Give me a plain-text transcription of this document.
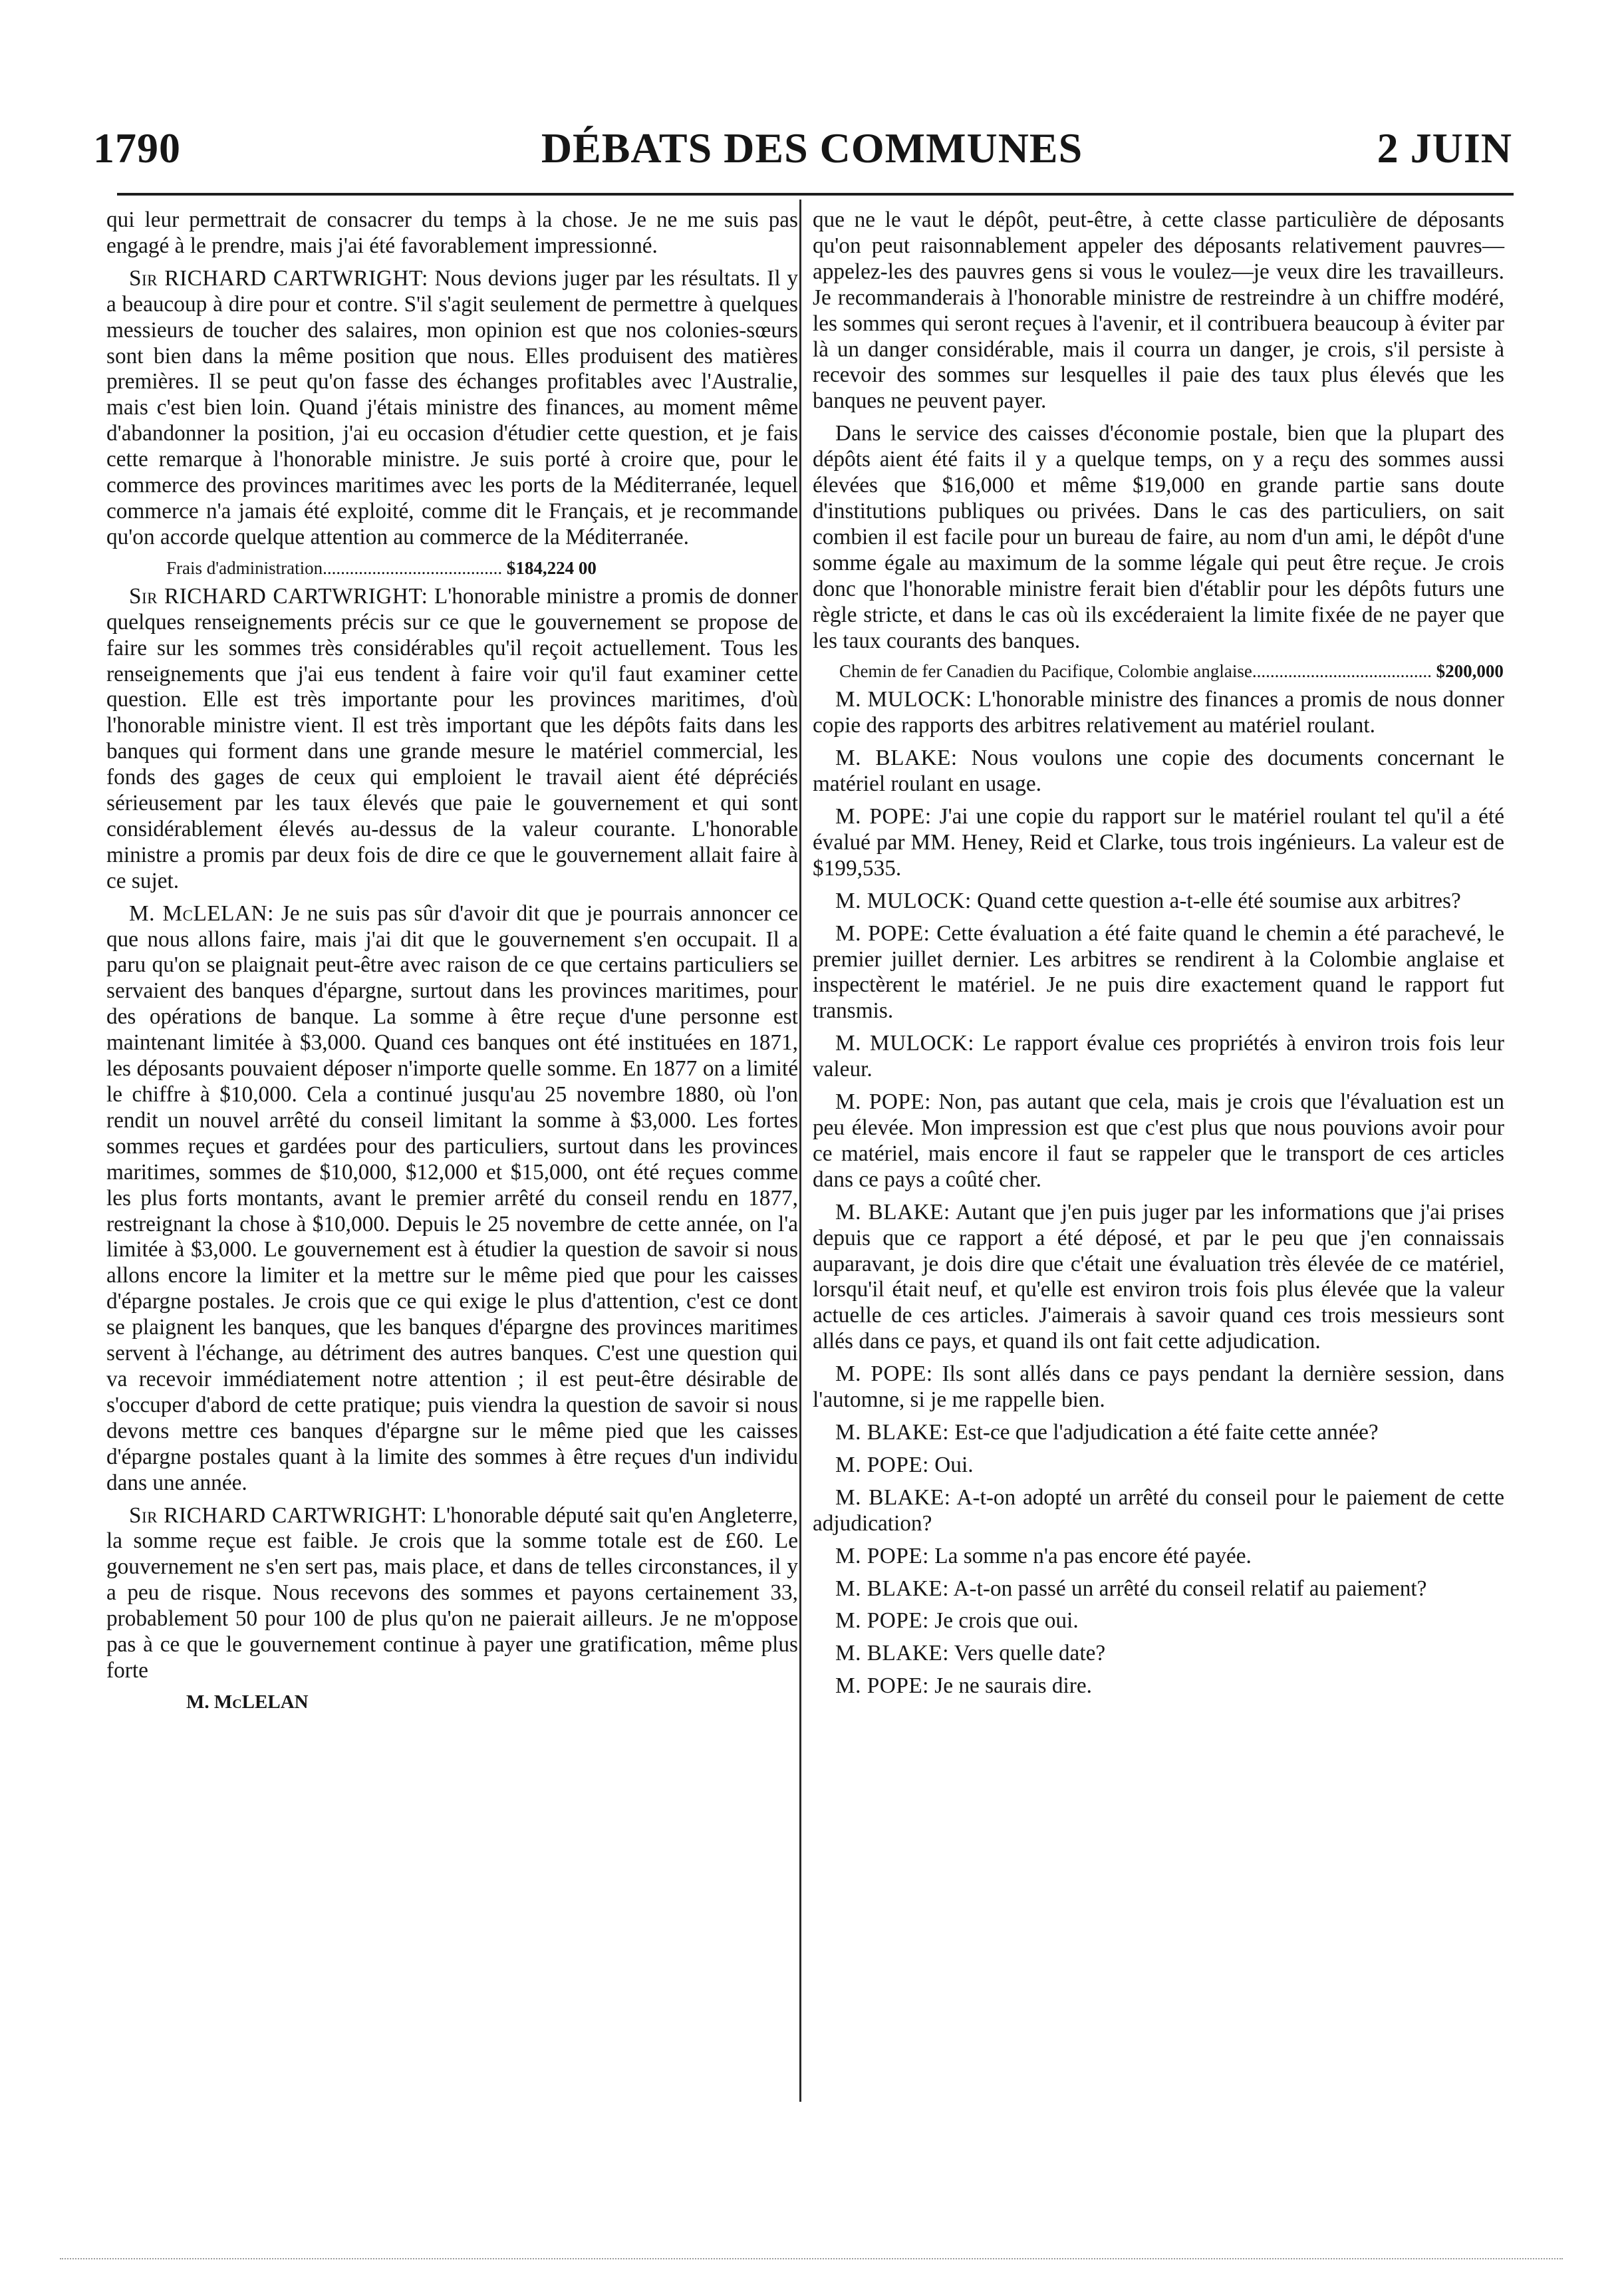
1790	DÉBATS DES COMMUNES	2 JUIN

qui leur permettrait de consacrer du temps à la chose. Je ne me suis pas engagé à le prendre, mais j'ai été favorablement impressionné.

Sir RICHARD CARTWRIGHT: Nous devions juger par les résultats. Il y a beaucoup à dire pour et contre. S'il s'agit seulement de permettre à quelques messieurs de toucher des salaires, mon opinion est que nos colonies-sœurs sont bien dans la même position que nous. Elles produisent des matières premières. Il se peut qu'on fasse des échanges profitables avec l'Australie, mais c'est bien loin. Quand j'étais ministre des finances, au moment même d'abandonner la position, j'ai eu occasion d'étudier cette question, et je fais cette remarque à l'honorable ministre. Je suis porté à croire que, pour le commerce des provinces maritimes avec les ports de la Méditerranée, lequel commerce n'a jamais été exploité, comme dit le Français, et je recommande qu'on accorde quelque attention au commerce de la Méditerranée.

Frais d'administration........................................ $184,224 00

Sir RICHARD CARTWRIGHT: L'honorable ministre a promis de donner quelques renseignements précis sur ce que le gouvernement se propose de faire sur les sommes très considérables qu'il reçoit actuellement. Tous les renseignements que j'ai eus tendent à faire voir qu'il faut examiner cette question. Elle est très importante pour les provinces maritimes, d'où l'honorable ministre vient. Il est très important que les dépôts faits dans les banques qui forment dans une grande mesure le matériel commercial, les fonds des gages de ceux qui emploient le travail aient été dépréciés sérieusement par les taux élevés que paie le gouvernement et qui sont considérablement élevés au-dessus de la valeur courante. L'honorable ministre a promis par deux fois de dire ce que le gouvernement allait faire à ce sujet.

M. McLELAN: Je ne suis pas sûr d'avoir dit que je pourrais annoncer ce que nous allons faire, mais j'ai dit que le gouvernement s'en occupait. Il a paru qu'on se plaignait peut-être avec raison de ce que certains particuliers se servaient des banques d'épargne, surtout dans les provinces maritimes, pour des opérations de banque. La somme à être reçue d'une personne est maintenant limitée à $3,000. Quand ces banques ont été instituées en 1871, les déposants pouvaient déposer n'importe quelle somme. En 1877 on a limité le chiffre à $10,000. Cela a continué jusqu'au 25 novembre 1880, où l'on rendit un nouvel arrêté du conseil limitant la somme à $3,000. Les fortes sommes reçues et gardées pour des particuliers, surtout dans les provinces maritimes, sommes de $10,000, $12,000 et $15,000, ont été reçues comme les plus forts montants, avant le premier arrêté du conseil rendu en 1877, restreignant la chose à $10,000. Depuis le 25 novembre de cette année, on l'a limitée à $3,000. Le gouvernement est à étudier la question de savoir si nous allons encore la limiter et la mettre sur le même pied que pour les caisses d'épargne postales. Je crois que ce qui exige le plus d'attention, c'est ce dont se plaignent les banques, que les banques d'épargne des provinces maritimes servent à l'échange, au détriment des autres banques. C'est une question qui va recevoir immédiatement notre attention ; il est peut-être désirable de s'occuper d'abord de cette pratique; puis viendra la question de savoir si nous devons mettre ces banques d'épargne sur le même pied que les caisses d'épargne postales quant à la limite des sommes à être reçues d'un individu dans une année.

Sir RICHARD CARTWRIGHT: L'honorable député sait qu'en Angleterre, la somme reçue est faible. Je crois que la somme totale est de £60. Le gouvernement ne s'en sert pas, mais place, et dans de telles circonstances, il y a peu de risque. Nous recevons des sommes et payons certainement 33, probablement 50 pour 100 de plus qu'on ne paierait ailleurs. Je ne m'oppose pas à ce que le gouvernement continue à payer une gratification, même plus forte

M. McLELAN

que ne le vaut le dépôt, peut-être, à cette classe particulière de déposants qu'on peut raisonnablement appeler des déposants relativement pauvres—appelez-les des pauvres gens si vous le voulez—je veux dire les travailleurs. Je recommanderais à l'honorable ministre de restreindre à un chiffre modéré, les sommes qui seront reçues à l'avenir, et il contribuera beaucoup à éviter par là un danger considérable, mais il courra un danger, je crois, s'il persiste à recevoir des sommes sur lesquelles il paie des taux plus élevés que les banques ne peuvent payer.

Dans le service des caisses d'économie postale, bien que la plupart des dépôts aient été faits il y a quelque temps, on y a reçu des sommes aussi élevées que $16,000 et même $19,000 en grande partie sans doute d'institutions publiques ou privées. Dans le cas des particuliers, on sait combien il est facile pour un bureau de faire, au nom d'un ami, le dépôt d'une somme égale au maximum de la somme légale qui peut être reçue. Je crois donc que l'honorable ministre ferait bien d'établir pour les dépôts futurs une règle stricte, et dans le cas où ils excéderaient la limite fixée de ne payer que les taux courants des banques.

Chemin de fer Canadien du Pacifique, Colombie anglaise........................................ $200,000

M. MULOCK: L'honorable ministre des finances a promis de nous donner copie des rapports des arbitres relativement au matériel roulant.

M. BLAKE: Nous voulons une copie des documents concernant le matériel roulant en usage.

M. POPE: J'ai une copie du rapport sur le matériel roulant tel qu'il a été évalué par MM. Heney, Reid et Clarke, tous trois ingénieurs. La valeur est de $199,535.

M. MULOCK: Quand cette question a-t-elle été soumise aux arbitres?

M. POPE: Cette évaluation a été faite quand le chemin a été parachevé, le premier juillet dernier. Les arbitres se rendirent à la Colombie anglaise et inspectèrent le matériel. Je ne puis dire exactement quand le rapport fut transmis.

M. MULOCK: Le rapport évalue ces propriétés à environ trois fois leur valeur.

M. POPE: Non, pas autant que cela, mais je crois que l'évaluation est un peu élevée. Mon impression est que c'est plus que nous pouvions avoir pour ce matériel, mais encore il faut se rappeler que le transport de ces articles dans ce pays a coûté cher.

M. BLAKE: Autant que j'en puis juger par les informations que j'ai prises depuis que ce rapport a été déposé, et par le peu que j'en connaissais auparavant, je dois dire que c'était une évaluation très élevée de ce matériel, lorsqu'il était neuf, et qu'elle est environ trois fois plus élevée que la valeur actuelle de ces articles. J'aimerais à savoir quand ces trois messieurs sont allés dans ce pays, et quand ils ont fait cette adjudication.

M. POPE: Ils sont allés dans ce pays pendant la dernière session, dans l'automne, si je me rappelle bien.

M. BLAKE: Est-ce que l'adjudication a été faite cette année?

M. POPE: Oui.

M. BLAKE: A-t-on adopté un arrêté du conseil pour le paiement de cette adjudication?

M. POPE: La somme n'a pas encore été payée.

M. BLAKE: A-t-on passé un arrêté du conseil relatif au paiement?

M. POPE: Je crois que oui.

M. BLAKE: Vers quelle date?

M. POPE: Je ne saurais dire.
